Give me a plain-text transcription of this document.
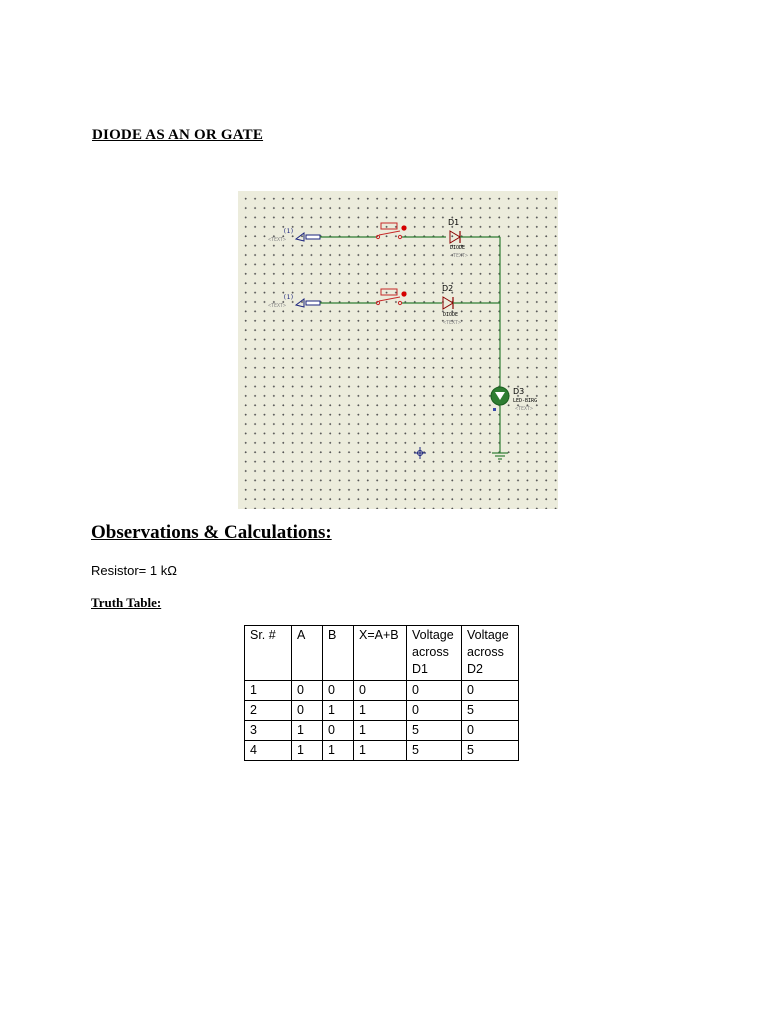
DIODE AS AN OR GATE
(1)
<TEXT>
D1
DIODE
<TEXT>
(1)
<TEXT>
D2
DIODE
<TEXT>
D3
LED-BIRG
<TEXT>
Observations & Calculations:
Resistor= 1 kΩ
Truth Table:
Sr. #	A	B	X=A+B	Voltage
across
D1	Voltage
across
D2
1	0	0	0	0	0
2	0	1	1	0	5
3	1	0	1	5	0
4	1	1	1	5	5
